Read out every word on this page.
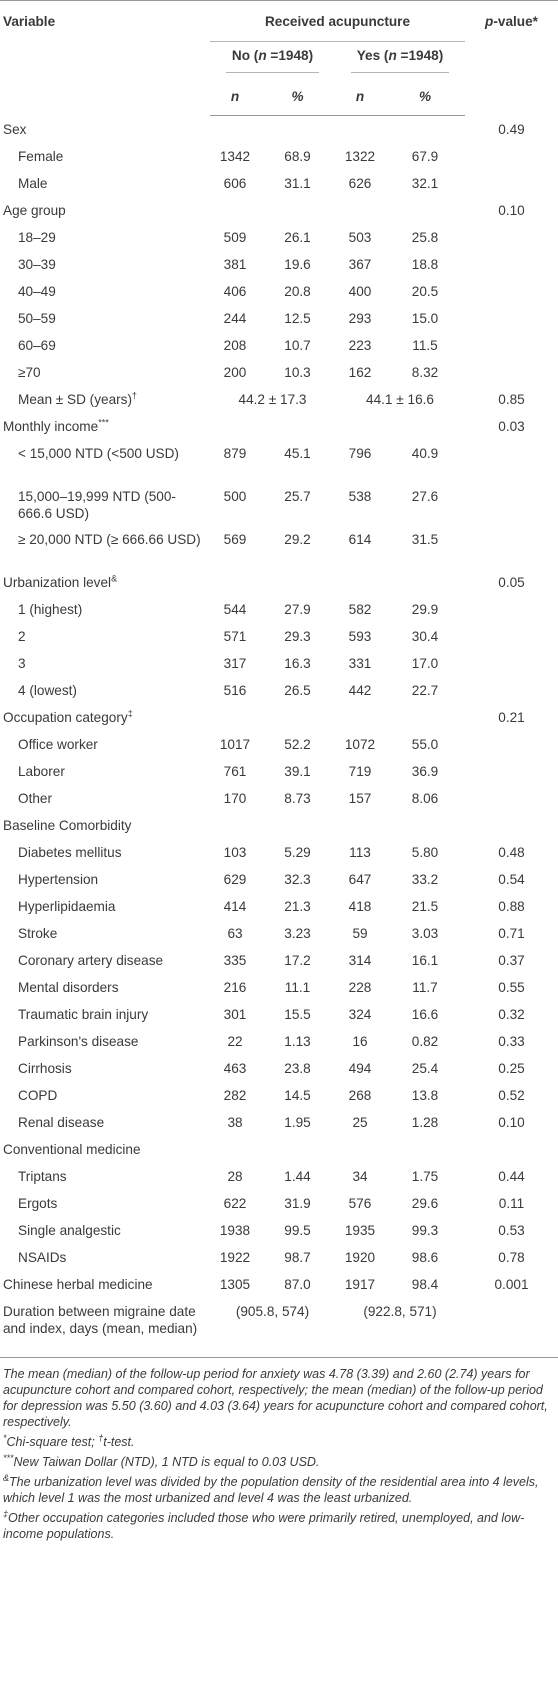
Variable	Received acupuncture				p-value*
	No (n =1948)		Yes (n =1948)		
	n	%	n	%	
Sex					0.49
Female	1342	68.9	1322	67.9	
Male	606	31.1	626	32.1	
Age group					0.10
18–29	509	26.1	503	25.8	
30–39	381	19.6	367	18.8	
40–49	406	20.8	400	20.5	
50–59	244	12.5	293	15.0	
60–69	208	10.7	223	11.5	
≥70	200	10.3	162	8.32	
Mean ± SD (years)†	44.2 ± 17.3		44.1 ± 16.6		0.85
Monthly income***					0.03
< 15,000 NTD (<500 USD)	879	45.1	796	40.9	
15,000–19,999 NTD (500-666.6 USD)	500	25.7	538	27.6	
≥ 20,000 NTD (≥ 666.66 USD)	569	29.2	614	31.5	
Urbanization level&					0.05
1 (highest)	544	27.9	582	29.9	
2	571	29.3	593	30.4	
3	317	16.3	331	17.0	
4 (lowest)	516	26.5	442	22.7	
Occupation category‡					0.21
Office worker	1017	52.2	1072	55.0	
Laborer	761	39.1	719	36.9	
Other	170	8.73	157	8.06	
Baseline Comorbidity					
Diabetes mellitus	103	5.29	113	5.80	0.48
Hypertension	629	32.3	647	33.2	0.54
Hyperlipidaemia	414	21.3	418	21.5	0.88
Stroke	63	3.23	59	3.03	0.71
Coronary artery disease	335	17.2	314	16.1	0.37
Mental disorders	216	11.1	228	11.7	0.55
Traumatic brain injury	301	15.5	324	16.6	0.32
Parkinson's disease	22	1.13	16	0.82	0.33
Cirrhosis	463	23.8	494	25.4	0.25
COPD	282	14.5	268	13.8	0.52
Renal disease	38	1.95	25	1.28	0.10
Conventional medicine					
Triptans	28	1.44	34	1.75	0.44
Ergots	622	31.9	576	29.6	0.11
Single analgestic	1938	99.5	1935	99.3	0.53
NSAIDs	1922	98.7	1920	98.6	0.78
Chinese herbal medicine	1305	87.0	1917	98.4	0.001
Duration between migraine date and index, days (mean, median)	(905.8, 574)		(922.8, 571)		

The mean (median) of the follow-up period for anxiety was 4.78 (3.39) and 2.60 (2.74) years for acupuncture cohort and compared cohort, respectively; the mean (median) of the follow-up period for depression was 5.50 (3.60) and 4.03 (3.64) years for acupuncture cohort and compared cohort, respectively.

*Chi-square test; †t-test.

***New Taiwan Dollar (NTD), 1 NTD is equal to 0.03 USD.

&The urbanization level was divided by the population density of the residential area into 4 levels, which level 1 was the most urbanized and level 4 was the least urbanized.

‡Other occupation categories included those who were primarily retired, unemployed, and low-income populations.
